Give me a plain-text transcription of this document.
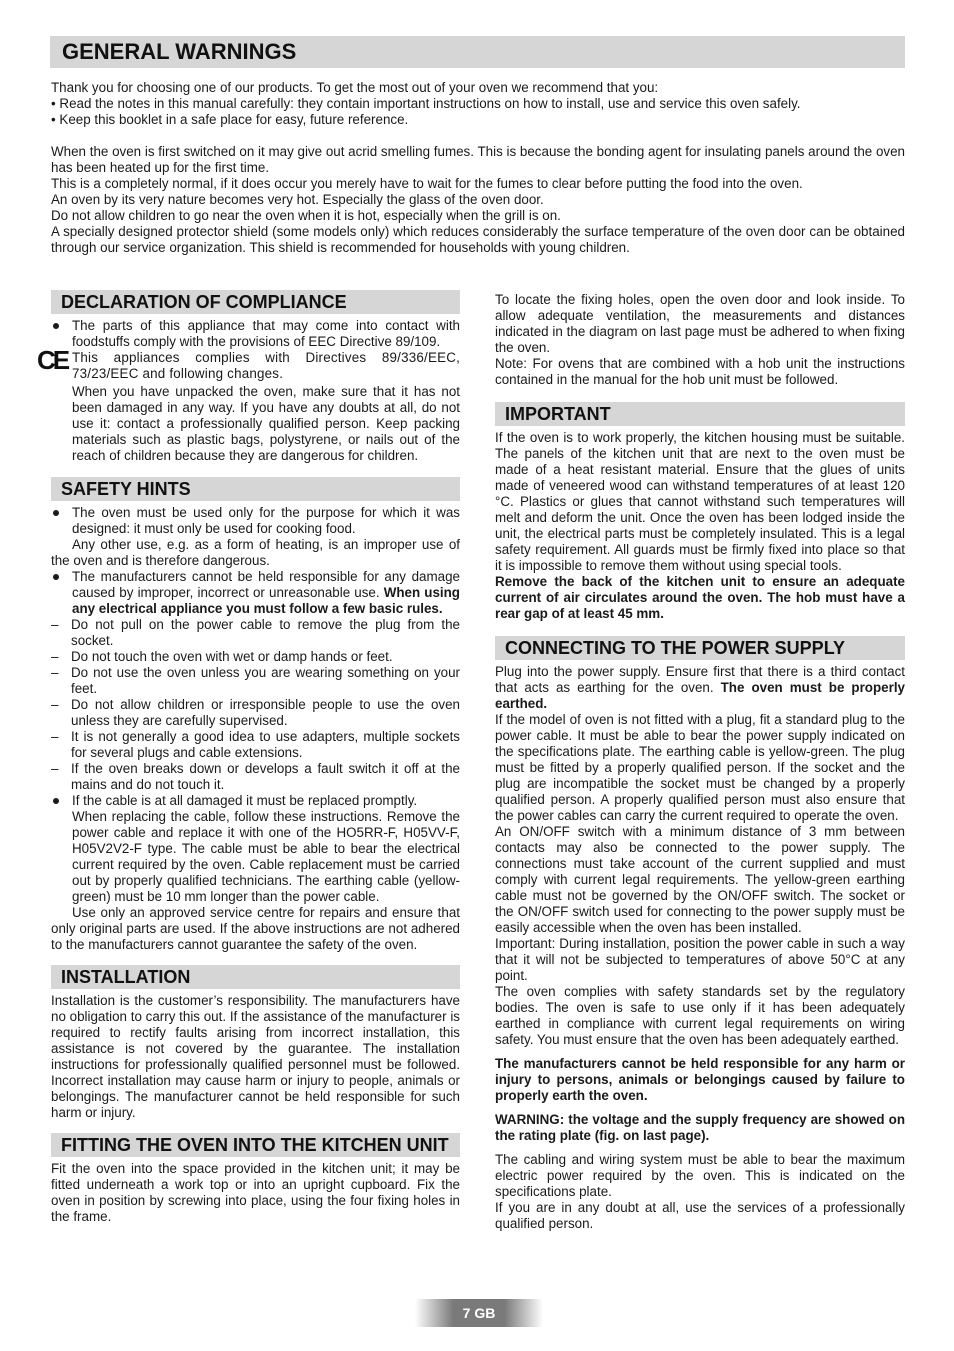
GENERAL WARNINGS

Thank you for choosing one of our products. To get the most out of your oven we recommend that you:

• Read the notes in this manual carefully: they contain important instructions on how to install, use and service this oven safely.

• Keep this booklet in a safe place for easy, future reference.

When the oven is first switched on it may give out acrid smelling fumes. This is because the bonding agent for insulating panels around the oven has been heated up for the first time.

This is a completely normal, if it does occur you merely have to wait for the fumes to clear before putting the food into the oven.

An oven by its very nature becomes very hot. Especially the glass of the oven door.

Do not allow children to go near the oven when it is hot, especially when the grill is on.

A specially designed protector shield (some models only) which reduces considerably the surface temperature of the oven door can be obtained through our service organization. This shield is recommended for households with young children.

DECLARATION OF COMPLIANCE

The parts of this appliance that may come into contact with foodstuffs comply with the provisions of EEC Directive 89/109.

CE This appliances complies with Directives 89/336/EEC, 73/23/EEC and following changes.

When you have unpacked the oven, make sure that it has not been damaged in any way. If you have any doubts at all, do not use it: contact a professionally qualified person. Keep packing materials such as plastic bags, polystyrene, or nails out of the reach of children because they are dangerous for children.

SAFETY HINTS

The oven must be used only for the purpose for which it was designed: it must only be used for cooking food.

Any other use, e.g. as a form of heating, is an improper use of the oven and is therefore dangerous.

The manufacturers cannot be held responsible for any damage caused by improper, incorrect or unreasonable use. When using any electrical appliance you must follow a few basic rules.

– Do not pull on the power cable to remove the plug from the socket.

– Do not touch the oven with wet or damp hands or feet.

– Do not use the oven unless you are wearing something on your feet.

– Do not allow children or irresponsible people to use the oven unless they are carefully supervised.

– It is not generally a good idea to use adapters, multiple sockets for several plugs and cable extensions.

– If the oven breaks down or develops a fault switch it off at the mains and do not touch it.

If the cable is at all damaged it must be replaced promptly.

When replacing the cable, follow these instructions. Remove the power cable and replace it with one of the HO5RR-F, H05VV-F, H05V2V2-F type. The cable must be able to bear the electrical current required by the oven. Cable replacement must be carried out by properly qualified technicians. The earthing cable (yellow-green) must be 10 mm longer than the power cable.

Use only an approved service centre for repairs and ensure that only original parts are used. If the above instructions are not adhered to the manufacturers cannot guarantee the safety of the oven.

INSTALLATION

Installation is the customer’s responsibility. The manufacturers have no obligation to carry this out. If the assistance of the manufacturer is required to rectify faults arising from incorrect installation, this assistance is not covered by the guarantee. The installation instructions for professionally qualified personnel must be followed. Incorrect installation may cause harm or injury to people, animals or belongings. The manufacturer cannot be held responsible for such harm or injury.

FITTING THE OVEN INTO THE KITCHEN UNIT

Fit the oven into the space provided in the kitchen unit; it may be fitted underneath a work top or into an upright cupboard. Fix the oven in position by screwing into place, using the four fixing holes in the frame.

To locate the fixing holes, open the oven door and look inside. To allow adequate ventilation, the measurements and distances indicated in the diagram on last page must be adhered to when fixing the oven.

Note: For ovens that are combined with a hob unit the instructions contained in the manual for the hob unit must be followed.

IMPORTANT

If the oven is to work properly, the kitchen housing must be suitable. The panels of the kitchen unit that are next to the oven must be made of a heat resistant material. Ensure that the glues of units made of veneered wood can withstand temperatures of at least 120 °C. Plastics or glues that cannot withstand such temperatures will melt and deform the unit. Once the oven has been lodged inside the unit, the electrical parts must be completely insulated. This is a legal safety requirement. All guards must be firmly fixed into place so that it is impossible to remove them without using special tools.

Remove the back of the kitchen unit to ensure an adequate current of air circulates around the oven. The hob must have a rear gap of at least 45 mm.

CONNECTING TO THE POWER SUPPLY

Plug into the power supply. Ensure first that there is a third contact that acts as earthing for the oven. The oven must be properly earthed.

If the model of oven is not fitted with a plug, fit a standard plug to the power cable. It must be able to bear the power supply indicated on the specifications plate. The earthing cable is yellow-green. The plug must be fitted by a properly qualified person. If the socket and the plug are incompatible the socket must be changed by a properly qualified person. A properly qualified person must also ensure that the power cables can carry the current required to operate the oven.

An ON/OFF switch with a minimum distance of 3 mm between contacts may also be connected to the power supply. The connections must take account of the current supplied and must comply with current legal requirements. The yellow-green earthing cable must not be governed by the ON/OFF switch. The socket or the ON/OFF switch used for connecting to the power supply must be easily accessible when the oven has been installed.

Important: During installation, position the power cable in such a way that it will not be subjected to temperatures of above 50°C at any point.

The oven complies with safety standards set by the regulatory bodies. The oven is safe to use only if it has been adequately earthed in compliance with current legal requirements on wiring safety. You must ensure that the oven has been adequately earthed.

The manufacturers cannot be held responsible for any harm or injury to persons, animals or belongings caused by failure to properly earth the oven.

WARNING: the voltage and the supply frequency are showed on the rating plate (fig. on last page).

The cabling and wiring system must be able to bear the maximum electric power required by the oven. This is indicated on the specifications plate.

If you are in any doubt at all, use the services of a professionally qualified person.

7 GB
